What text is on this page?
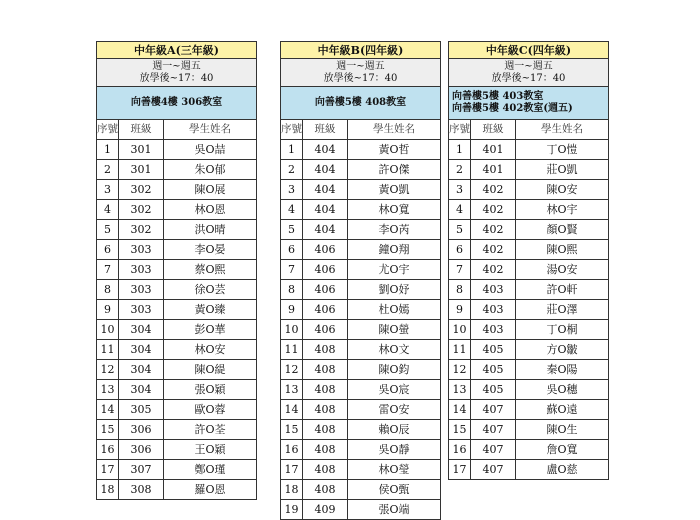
中年級A(三年級)		

週一~週五
放學後~17：40		

向善樓4樓 306教室		

序號	班級	學生姓名
1	301	吳O喆
2	301	朱O郁
3	302	陳O展
4	302	林O恩
5	302	洪O晴
6	303	李O晏
7	303	蔡O熙
8	303	徐O芸
9	303	黃O臻
10	304	彭O華
11	304	林O安
12	304	陳O緹
13	304	張O穎
14	305	歐O蓉
15	306	許O荃
16	306	王O穎
17	307	鄭O瑾
18	308	羅O恩
中年級B(四年級)		

週一~週五
放學後~17：40		

向善樓5樓 408教室		

序號	班級	學生姓名
1	404	黃O哲
2	404	許O傑
3	404	黃O凱
4	404	林O寬
5	404	李O芮
6	406	鐘O翔
7	406	尤O宇
8	406	劉O妤
9	406	杜O嫣
10	406	陳O螢
11	408	林O文
12	408	陳O鈞
13	408	吳O宸
14	408	雷O安
15	408	賴O辰
16	408	吳O靜
17	408	林O瑩
18	408	侯O甄
19	409	張O端
中年級C(四年級)		

週一~週五
放學後~17：40		

向善樓5樓 403教室
向善樓5樓 402教室(週五)		

序號	班級	學生姓名
1	401	丁O愷
2	401	莊O凱
3	402	陳O安
4	402	林O宇
5	402	顏O賢
6	402	陳O熙
7	402	湯O安
8	403	許O軒
9	403	莊O澤
10	403	丁O桐
11	405	方O皺
12	405	秦O陽
13	405	吳O穗
14	407	蘇O遠
15	407	陳O生
16	407	詹O寬
17	407	盧O慈
